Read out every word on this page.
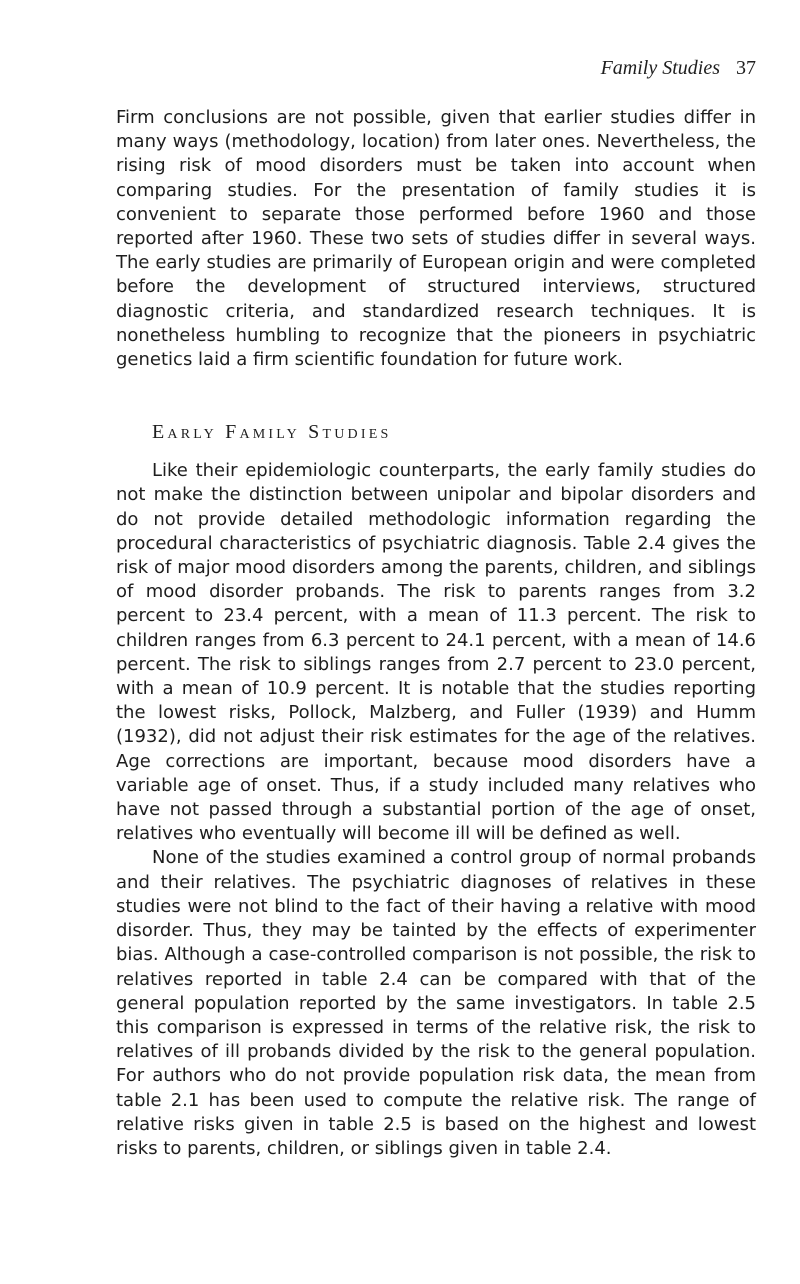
Family Studies 37

Firm conclusions are not possible, given that earlier studies differ in many ways (methodology, location) from later ones. Nevertheless, the rising risk of mood disorders must be taken into account when comparing studies. For the presentation of family studies it is convenient to separate those performed before 1960 and those reported after 1960. These two sets of studies differ in several ways. The early studies are primarily of European origin and were completed before the development of structured interviews, structured diagnostic criteria, and standardized research techniques. It is nonetheless humbling to recognize that the pioneers in psychiatric genetics laid a firm scientific foundation for future work.

Early Family Studies

Like their epidemiologic counterparts, the early family studies do not make the distinction between unipolar and bipolar disorders and do not provide detailed methodologic information regarding the procedural characteristics of psychiatric diagnosis. Table 2.4 gives the risk of major mood disorders among the parents, children, and siblings of mood disorder probands. The risk to parents ranges from 3.2 percent to 23.4 percent, with a mean of 11.3 percent. The risk to children ranges from 6.3 percent to 24.1 percent, with a mean of 14.6 percent. The risk to siblings ranges from 2.7 percent to 23.0 percent, with a mean of 10.9 percent. It is notable that the studies reporting the lowest risks, Pollock, Malzberg, and Fuller (1939) and Humm (1932), did not adjust their risk estimates for the age of the relatives. Age corrections are important, because mood disorders have a variable age of onset. Thus, if a study included many relatives who have not passed through a substantial portion of the age of onset, relatives who eventually will become ill will be defined as well.

None of the studies examined a control group of normal probands and their relatives. The psychiatric diagnoses of relatives in these studies were not blind to the fact of their having a relative with mood disorder. Thus, they may be tainted by the effects of experimenter bias. Although a case-controlled comparison is not possible, the risk to relatives reported in table 2.4 can be compared with that of the general population reported by the same investigators. In table 2.5 this comparison is expressed in terms of the relative risk, the risk to relatives of ill probands divided by the risk to the general population. For authors who do not provide population risk data, the mean from table 2.1 has been used to compute the relative risk. The range of relative risks given in table 2.5 is based on the highest and lowest risks to parents, children, or siblings given in table 2.4.
